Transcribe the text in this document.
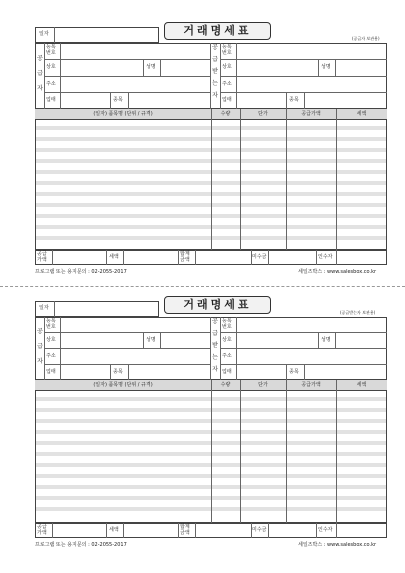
일자	거래명세표
(공급자 보관용)
공
급
자
등록
번호
상호	성명
주소
업태	종목
공
급
받
는
자
등록
번호
상호	성명
주소
업태	종목
(일자) 품목명 (단위 / 규격)	수량	단가	공급가액	세액
공급
가액	세액	합계
금액	미수금	인수자
프로그램 또는 용지문의 : 02-2055-2017	세일즈박스 : www.salesbox.co.kr
일자	거래명세표
(공급받는자 보관용)
공
급
자
등록
번호
상호	성명
주소
업태	종목
공
급
받
는
자
등록
번호
상호	성명
주소
업태	종목
(일자) 품목명 (단위 / 규격)	수량	단가	공급가액	세액
공급
가액	세액	합계
금액	미수금	인수자
프로그램 또는 용지문의 : 02-2055-2017	세일즈박스 : www.salesbox.co.kr
